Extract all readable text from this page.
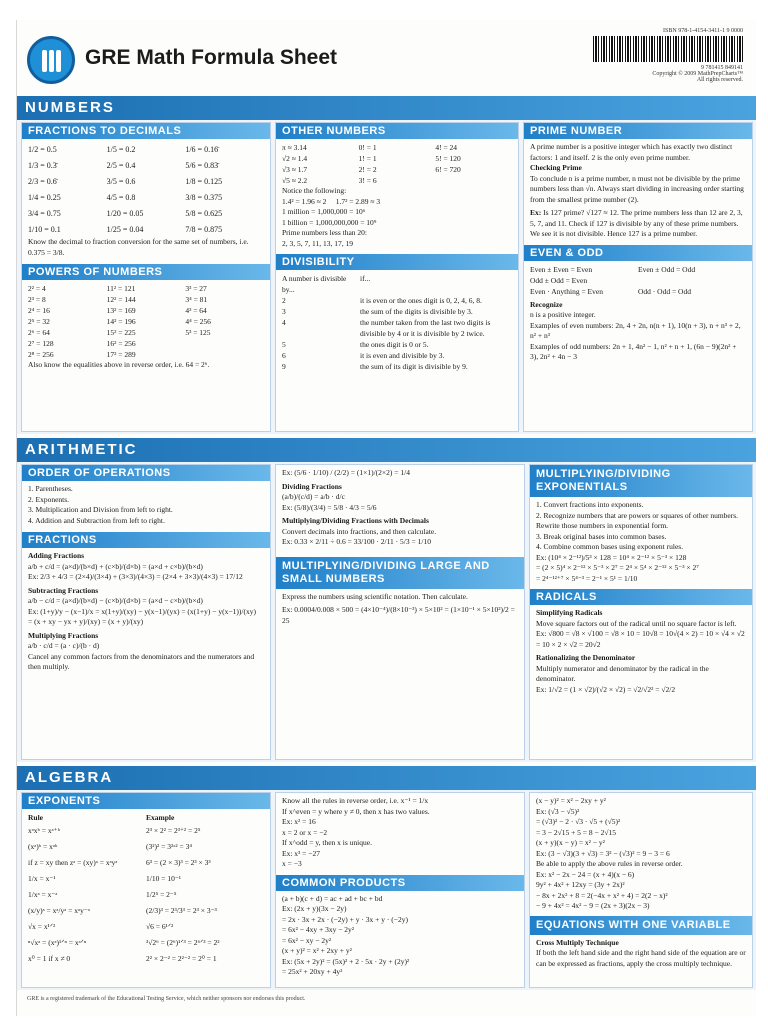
GRE Math Formula Sheet
ISBN 978-1-4154-3411-1 9 0000
9 781415 849141
Copyright © 2009 MathPrepCharts™
All rights reserved.
NUMBERS
FRACTIONS TO DECIMALS
1/2 = 0.5	1/5 = 0.2	1/6 = 0.16̄
1/3 = 0.3̄	2/5 = 0.4	5/6 = 0.83̄
2/3 = 0.6̄	3/5 = 0.6	1/8 = 0.125
1/4 = 0.25	4/5 = 0.8	3/8 = 0.375
3/4 = 0.75	1/20 = 0.05	5/8 = 0.625
1/10 = 0.1	1/25 = 0.04	7/8 = 0.875

Know the decimal to fraction conversion for the same set of numbers, i.e. 0.375 = 3/8.

POWERS OF NUMBERS
2² = 4	11² = 121	3³ = 27
2³ = 8	12² = 144	3⁴ = 81
2⁴ = 16	13² = 169	4³ = 64
2⁵ = 32	14² = 196	4⁴ = 256
2⁶ = 64	15² = 225	5³ = 125
2⁷ = 128	16² = 256
2⁸ = 256	17² = 289

Also know the equalities above in reverse order, i.e. 64 = 2⁶.

OTHER NUMBERS
π ≈ 3.14	0! = 1	4! = 24
√2 ≈ 1.4	1! = 1	5! = 120
√3 ≈ 1.7	2! = 2	6! = 720
√5 ≈ 2.2	3! = 6

Notice the following:

1.4² = 1.96 ≈ 2 1.7² = 2.89 ≈ 3

1 million = 1,000,000 = 10⁶

1 billion = 1,000,000,000 = 10⁹

Prime numbers less than 20:

2, 3, 5, 7, 11, 13, 17, 19

DIVISIBILITY
A number is divisible by...
if...
2	it is even or the ones digit is 0, 2, 4, 6, 8.
3	the sum of the digits is divisible by 3.
4	the number taken from the last two digits is divisible by 4 or it is divisible by 2 twice.
5	the ones digit is 0 or 5.
6	it is even and divisible by 3.
9	the sum of its digit is divisible by 9.
PRIME NUMBER

A prime number is a positive integer which has exactly two distinct factors: 1 and itself. 2 is the only even prime number.

Checking Prime

To conclude n is a prime number, n must not be divisible by the prime numbers less than √n. Always start dividing in increasing order starting from the smallest prime number (2).

Ex: Is 127 prime? √127 ≈ 12. The prime numbers less than 12 are 2, 3, 5, 7, and 11. Check if 127 is divisible by any of these prime numbers. We see it is not divisible. Hence 127 is a prime number.

EVEN & ODD
Even ± Even = Even	Even ± Odd = Odd
Odd ± Odd = Even
Even · Anything = Even	Odd · Odd = Odd

Recognize

n is a positive integer.

Examples of even numbers: 2n, 4 + 2n, n(n + 1), 10(n + 3), n + n³ + 2, n² + n³

Examples of odd numbers: 2n + 1, 4n² − 1, n² + n + 1, (6n − 9)(2n² + 3), 2n² + 4n − 3

ARITHMETIC
ORDER OF OPERATIONS

1. Parentheses.

2. Exponents.

3. Multiplication and Division from left to right.

4. Addition and Subtraction from left to right.

FRACTIONS

Adding Fractions

a/b + c/d = (a×d)/(b×d) + (c×b)/(d×b) = (a×d + c×b)/(b×d)

Ex: 2/3 + 4/3 = (2×4)/(3×4) + (3×3)/(4×3) = (2×4 + 3×3)/(4×3) = 17/12

Subtracting Fractions

a/b − c/d = (a×d)/(b×d) − (c×b)/(d×b) = (a×d − c×b)/(b×d)

Ex: (1+y)/y − (x−1)/x = x(1+y)/(xy) − y(x−1)/(yx) = (x(1+y) − y(x−1))/(xy)

= (x + xy − yx + y)/(xy) = (x + y)/(xy)

Multiplying Fractions

a/b · c/d = (a · c)/(b · d)

Cancel any common factors from the denominators and the numerators and then multiply.

Ex: (5/6 · 1/10) / (2/2) = (1×1)/(2×2) = 1/4

Dividing Fractions

(a/b)/(c/d) = a/b · d/c

Ex: (5/8)/(3/4) = 5/8 · 4/3 = 5/6

Multiplying/Dividing Fractions with Decimals

Convert decimals into fractions, and then calculate.

Ex: 0.33 × 2/11 ÷ 0.6 = 33/100 · 2/11 · 5/3 = 1/10

MULTIPLYING/DIVIDING LARGE AND SMALL NUMBERS

Express the numbers using scientific notation. Then calculate.

Ex: 0.0004/0.008 × 500 = (4×10⁻⁴)/(8×10⁻³) × 5×10² = (1×10⁻¹ × 5×10²)/2 = 25

MULTIPLYING/DIVIDING EXPONENTIALS

1. Convert fractions into exponents.

2. Recognize numbers that are powers or squares of other numbers. Rewrite those numbers in exponential form.

3. Break original bases into common bases.

4. Combine common bases using exponent rules.

Ex: (10⁴ × 2⁻¹²)/5³ × 128 = 10⁴ × 2⁻¹² × 5⁻³ × 128

= (2 × 5)⁴ × 2⁻¹² × 5⁻³ × 2⁷ = 2⁴ × 5⁴ × 2⁻¹² × 5⁻³ × 2⁷

= 2⁴⁻¹²⁺⁷ × 5⁴⁻³ = 2⁻¹ × 5¹ = 1/10

RADICALS

Simplifying Radicals

Move square factors out of the radical until no square factor is left.

Ex: √800 = √8 × √100 = √8 × 10 = 10√8 = 10√(4 × 2) = 10 × √4 × √2 = 10 × 2 × √2 = 20√2

Rationalizing the Denominator

Multiply numerator and denominator by the radical in the denominator.

Ex: 1/√2 = (1 × √2)/(√2 × √2) = √2/√2² = √2/2

ALGEBRA
EXPONENTS
Rule	Example
xᵃxᵇ = xᵃ⁺ᵇ	2³ × 2² = 2³⁺² = 2⁵
(xᵃ)ᵇ = xᵃᵇ	(3²)² = 3²ˣ² = 3⁴
if z = xy then zᵃ = (xy)ᵃ = xᵃyᵃ	6³ = (2 × 3)³ = 2³ × 3³
1/x = x⁻¹	1/10 = 10⁻¹
1/xᵃ = x⁻ᵃ	1/2⁵ = 2⁻⁵
(x/y)ᵃ = xᵃ/yᵃ = xᵃy⁻ᵃ	(2/3)³ = 2³/3³ = 2³ × 3⁻³
√x = x¹ᐟ²	√6 = 6¹ᐟ²
ⁿ√xᵃ = (xᵃ)¹ᐟⁿ = xᵃᐟⁿ	³√2⁶ = (2⁶)¹ᐟ³ = 2⁶ᐟ³ = 2²
x⁰ = 1 if x ≠ 0	2² × 2⁻² = 2²⁻² = 2⁰ = 1

Know all the rules in reverse order, i.e. x⁻¹ = 1/x

If x^even = y where y ≠ 0, then x has two values.

Ex: x² = 16

x = 2 or x = −2

If x^odd = y, then x is unique.

Ex: x³ = −27

x = −3

COMMON PRODUCTS

(a + b)(c + d) = ac + ad + bc + bd

Ex: (2x + y)(3x − 2y)

= 2x · 3x + 2x · (−2y) + y · 3x + y · (−2y)

= 6x² − 4xy + 3xy − 2y²

= 6x² − xy − 2y²

(x + y)² = x² + 2xy + y²

Ex: (5x + 2y)² = (5x)² + 2 · 5x · 2y + (2y)²

= 25x² + 20xy + 4y²

(x − y)² = x² − 2xy + y²

Ex: (√3 − √5)²

= (√3)² − 2 · √3 · √5 + (√5)²

= 3 − 2√15 + 5 = 8 − 2√15

(x + y)(x − y) = x² − y²

Ex: (3 − √3)(3 + √3) = 3² − (√3)² = 9 − 3 = 6

Be able to apply the above rules in reverse order.

Ex: x² − 2x − 24 = (x + 4)(x − 6)

9y² + 4x² + 12xy = (3y + 2x)²

− 8x + 2x² + 8 = 2(−4x + x² + 4) = 2(2 − x)²

− 9 + 4x² = 4x² − 9 = (2x + 3)(2x − 3)

EQUATIONS WITH ONE VARIABLE

Cross Multiply Technique

If both the left hand side and the right hand side of the equation are or can be expressed as fractions, apply the cross multiply technique.

GRE is a registered trademark of the Educational Testing Service, which neither sponsors nor endorses this product.
